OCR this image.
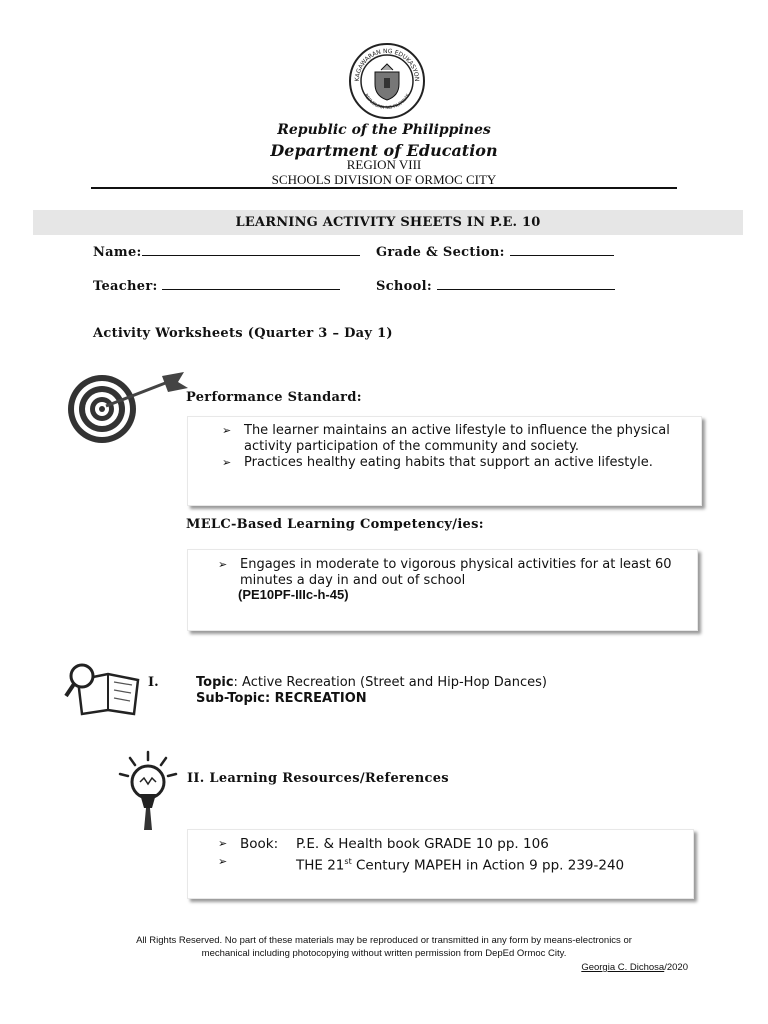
KAGAWARAN NG EDUKASYON
REPUBLIKA NG PILIPINAS
Republic of the Philippines
Department of Education
REGION VIII
SCHOOLS DIVISION OF ORMOC CITY
LEARNING ACTIVITY SHEETS IN P.E. 10
Name:	Grade & Section:
Teacher:	School:
Activity Worksheets (Quarter 3 – Day 1)
Performance Standard:
➢ The learner maintains an active lifestyle to influence the physical activity participation of the community and society.
➢ Practices healthy eating habits that support an active lifestyle.
MELC-Based Learning Competency/ies:
➢ Engages in moderate to vigorous physical activities for at least 60 minutes a day in and out of school
(PE10PF-IIIc-h-45)
I.	Topic: Active Recreation (Street and Hip-Hop Dances)
Sub-Topic: RECREATION
II. Learning Resources/References
➢ Book: P.E. & Health book GRADE 10 pp. 106
➢	THE 21st Century MAPEH in Action 9 pp. 239-240
All Rights Reserved. No part of these materials may be reproduced or transmitted in any form by means-electronics or
mechanical including photocopying without written permission from DepEd Ormoc City.
Georgia C. Dichosa/2020
